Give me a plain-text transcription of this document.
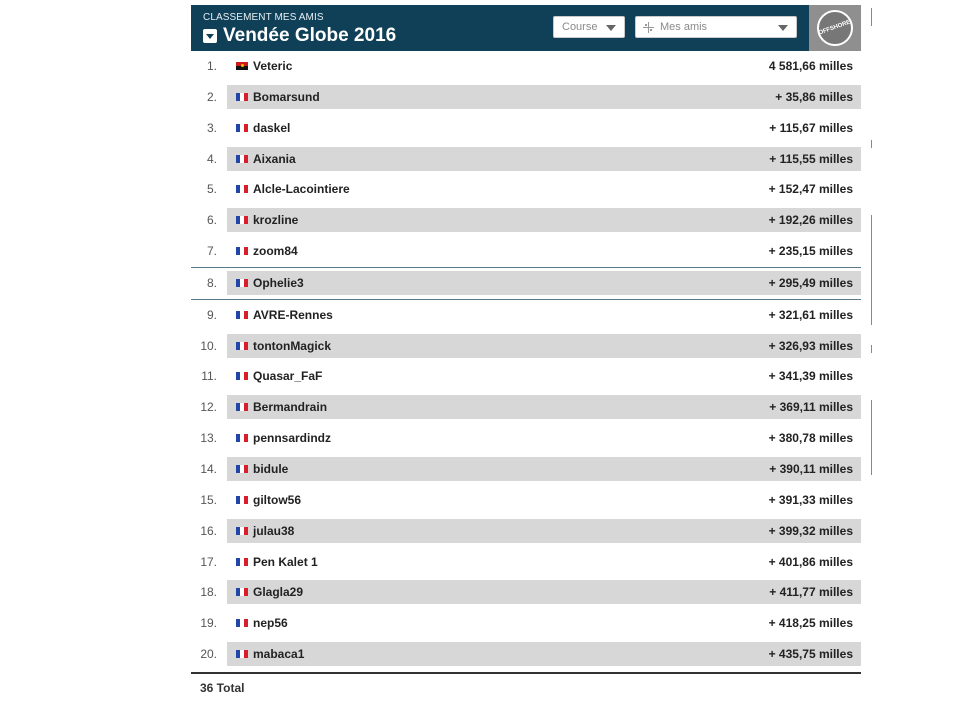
CLASSEMENT MES AMIS
Vendée Globe 2016	Course	Mes amis	OFFSHORE
1.	Veteric	4 581,66 milles
2.	Bomarsund	+ 35,86 milles
3.	daskel	+ 115,67 milles
4.	Aixania	+ 115,55 milles
5.	Alcle-Lacointiere	+ 152,47 milles
6.	krozline	+ 192,26 milles
7.	zoom84	+ 235,15 milles
8.	Ophelie3	+ 295,49 milles
9.	AVRE-Rennes	+ 321,61 milles
10.	tontonMagick	+ 326,93 milles
11.	Quasar_FaF	+ 341,39 milles
12.	Bermandrain	+ 369,11 milles
13.	pennsardindz	+ 380,78 milles
14.	bidule	+ 390,11 milles
15.	giltow56	+ 391,33 milles
16.	julau38	+ 399,32 milles
17.	Pen Kalet 1	+ 401,86 milles
18.	Glagla29	+ 411,77 milles
19.	nep56	+ 418,25 milles
20.	mabaca1	+ 435,75 milles
36 Total
